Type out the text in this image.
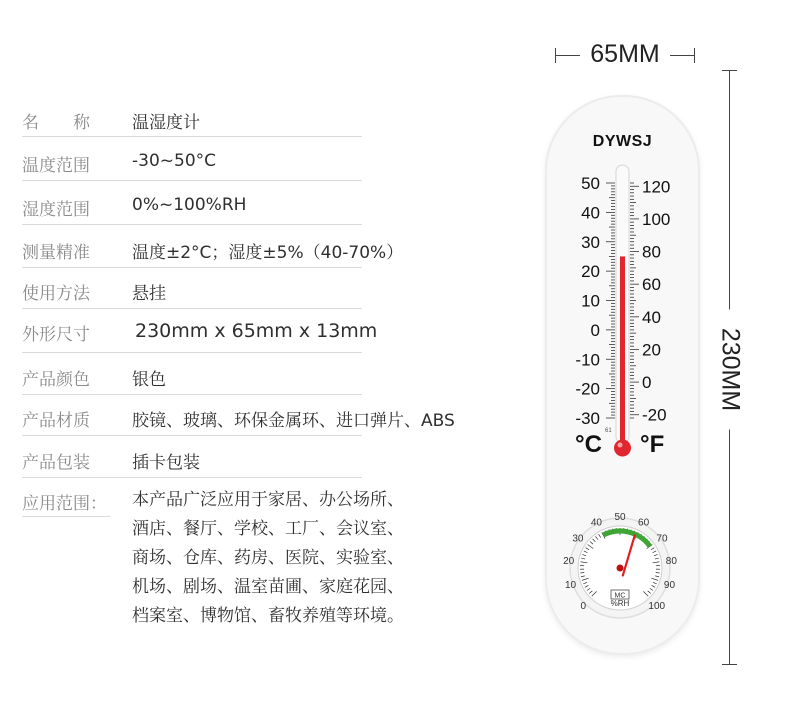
名　　称	温湿度计
温度范围	-30~50°C
湿度范围	0%~100%RH
测量精准	温度±2°C；湿度±5%（40-70%）
使用方法	悬挂
外形尺寸	230mm x 65mm x 13mm
产品颜色	银色
产品材质	胶镜、玻璃、环保金属环、进口弹片、ABS
产品包装	插卡包装
应用范围：	本产品广泛应用于家居、办公场所、
酒店、餐厅、学校、工厂、会议室、
商场、仓库、药房、医院、实验室、
机场、剧场、温室苗圃、家庭花园、
档案室、博物馆、畜牧养殖等环境。
65MM
230MM
DYWSJ
50
40
30
20
10
0
-10
-20
-30
120
100
80
60
40
20
0
-20
61
0
10
20
30
40
50
60
70
80
90
100
%RH
MC
°C °F
